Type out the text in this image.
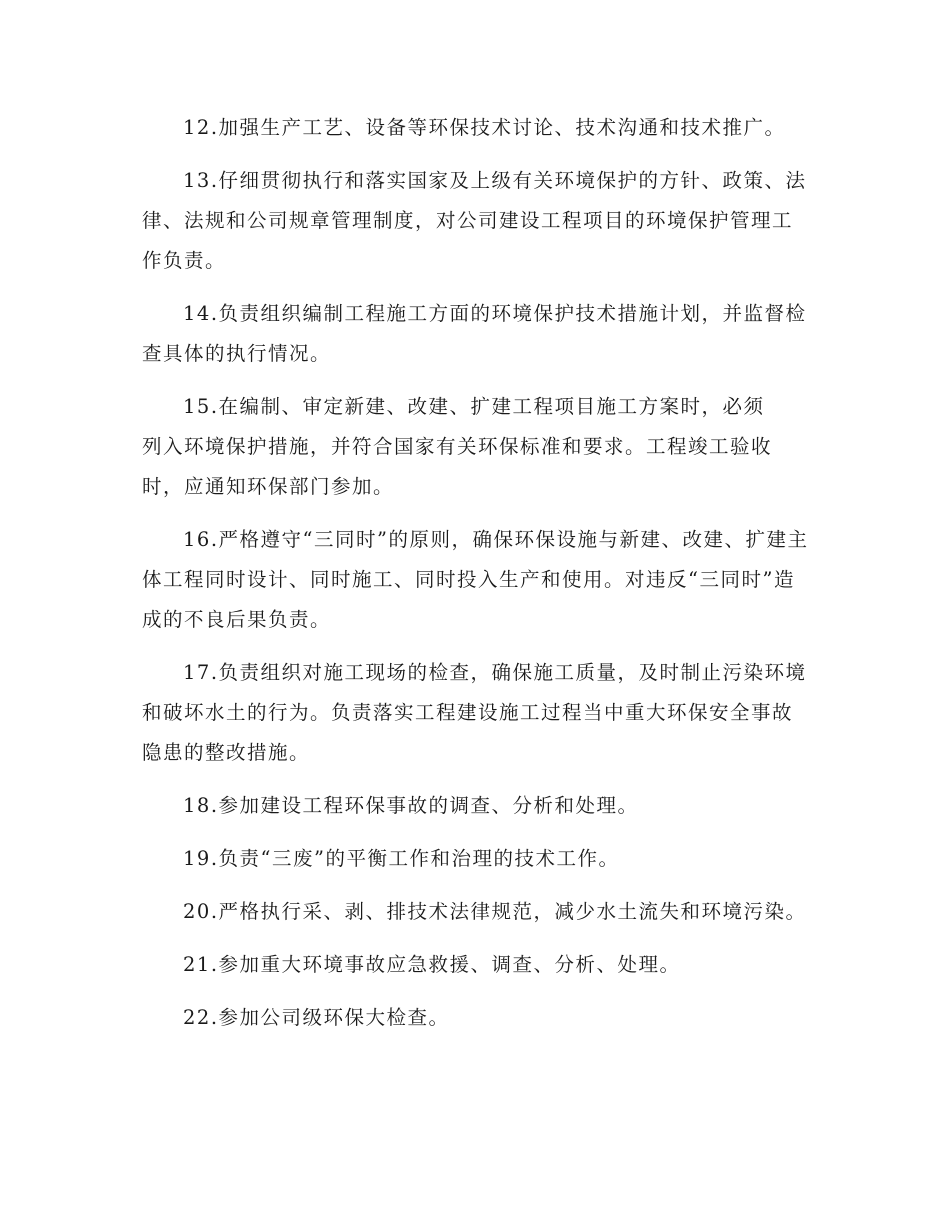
12.加强生产工艺、设备等环保技术讨论、技术沟通和技术推广。

13.仔细贯彻执行和落实国家及上级有关环境保护的方针、政策、法律、法规和公司规章管理制度，对公司建设工程项目的环境保护管理工作负责。

14.负责组织编制工程施工方面的环境保护技术措施计划，并监督检查具体的执行情况。

15.在编制、审定新建、改建、扩建工程项目施工方案时，必须列入环境保护措施，并符合国家有关环保标准和要求。工程竣工验收时，应通知环保部门参加。

16.严格遵守“三同时”的原则，确保环保设施与新建、改建、扩建主体工程同时设计、同时施工、同时投入生产和使用。对违反“三同时”造成的不良后果负责。

17.负责组织对施工现场的检查，确保施工质量，及时制止污染环境和破坏水土的行为。负责落实工程建设施工过程当中重大环保安全事故隐患的整改措施。

18.参加建设工程环保事故的调查、分析和处理。

19.负责“三废”的平衡工作和治理的技术工作。

20.严格执行采、剥、排技术法律规范，减少水土流失和环境污染。

21.参加重大环境事故应急救援、调查、分析、处理。

22.参加公司级环保大检查。
